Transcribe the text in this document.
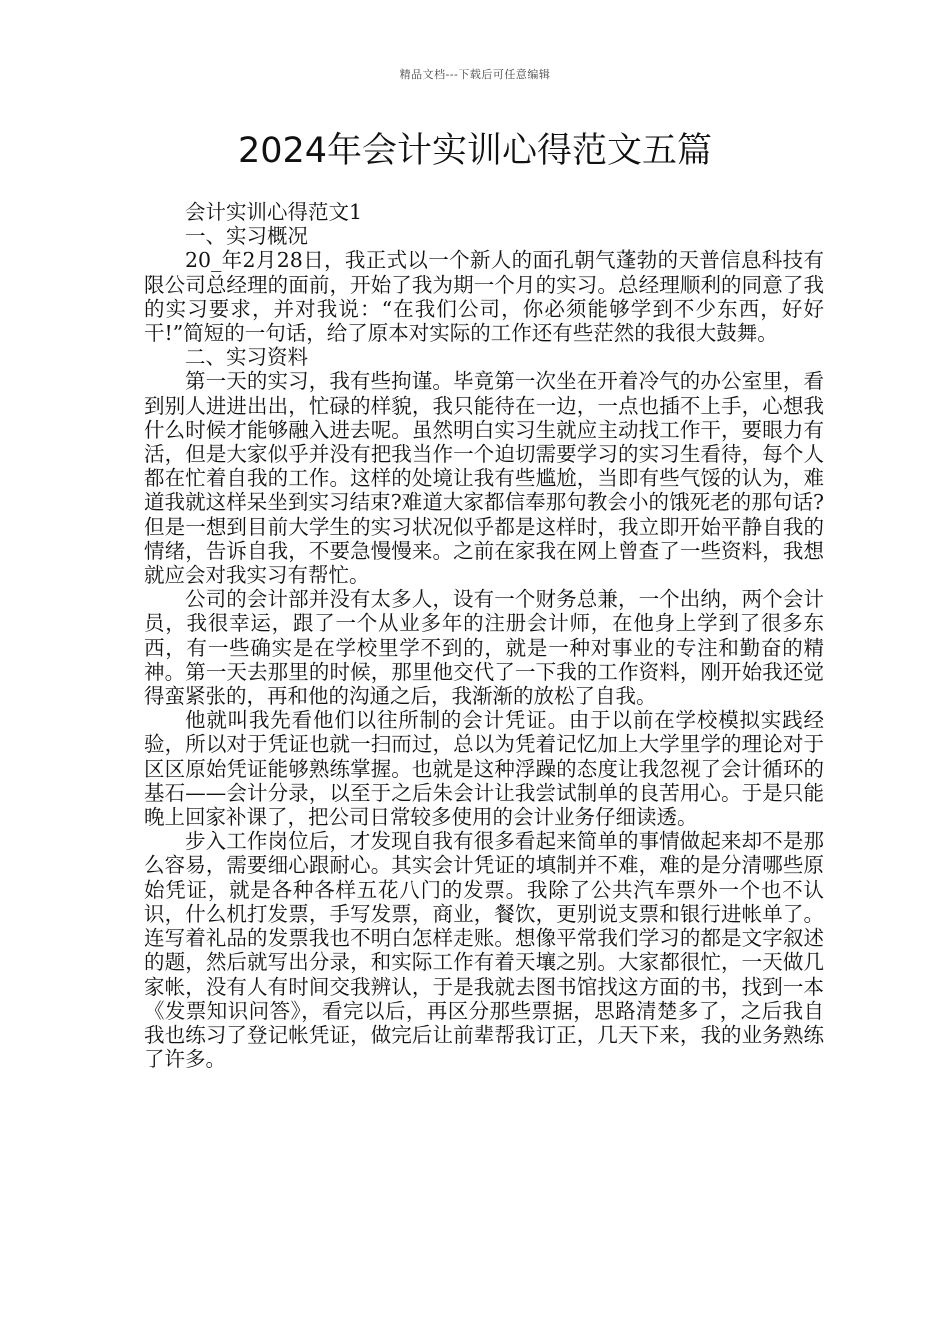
精品文档---下载后可任意编辑
2024年会计实训心得范文五篇

会计实训心得范文1

一、实习概况

20_年2月28日，我正式以一个新人的面孔朝气蓬勃的天普信息科技有限公司总经理的面前，开始了我为期一个月的实习。总经理顺利的同意了我的实习要求，并对我说：“在我们公司，你必须能够学到不少东西，好好干!”简短的一句话，给了原本对实际的工作还有些茫然的我很大鼓舞。

二、实习资料

第一天的实习，我有些拘谨。毕竟第一次坐在开着冷气的办公室里，看到别人进进出出，忙碌的样貌，我只能待在一边，一点也插不上手，心想我什么时候才能够融入进去呢。虽然明白实习生就应主动找工作干，要眼力有活，但是大家似乎并没有把我当作一个迫切需要学习的实习生看待，每个人都在忙着自我的工作。这样的处境让我有些尴尬，当即有些气馁的认为，难道我就这样呆坐到实习结束?难道大家都信奉那句教会小的饿死老的那句话?但是一想到目前大学生的实习状况似乎都是这样时，我立即开始平静自我的情绪，告诉自我，不要急慢慢来。之前在家我在网上曾查了一些资料，我想就应会对我实习有帮忙。

公司的会计部并没有太多人，设有一个财务总兼，一个出纳，两个会计员，我很幸运，跟了一个从业多年的注册会计师，在他身上学到了很多东西，有一些确实是在学校里学不到的，就是一种对事业的专注和勤奋的精神。第一天去那里的时候，那里他交代了一下我的工作资料，刚开始我还觉得蛮紧张的，再和他的沟通之后，我渐渐的放松了自我。

他就叫我先看他们以往所制的会计凭证。由于以前在学校模拟实践经验，所以对于凭证也就一扫而过，总以为凭着记忆加上大学里学的理论对于区区原始凭证能够熟练掌握。也就是这种浮躁的态度让我忽视了会计循环的基石——会计分录，以至于之后朱会计让我尝试制单的良苦用心。于是只能晚上回家补课了，把公司日常较多使用的会计业务仔细读透。

步入工作岗位后，才发现自我有很多看起来简单的事情做起来却不是那么容易，需要细心跟耐心。其实会计凭证的填制并不难，难的是分清哪些原始凭证，就是各种各样五花八门的发票。我除了公共汽车票外一个也不认识，什么机打发票，手写发票，商业，餐饮，更别说支票和银行进帐单了。连写着礼品的发票我也不明白怎样走账。想像平常我们学习的都是文字叙述的题，然后就写出分录，和实际工作有着天壤之别。大家都很忙，一天做几家帐，没有人有时间交我辨认，于是我就去图书馆找这方面的书，找到一本《发票知识问答》，看完以后，再区分那些票据，思路清楚多了，之后我自我也练习了登记帐凭证，做完后让前辈帮我订正，几天下来，我的业务熟练了许多。
